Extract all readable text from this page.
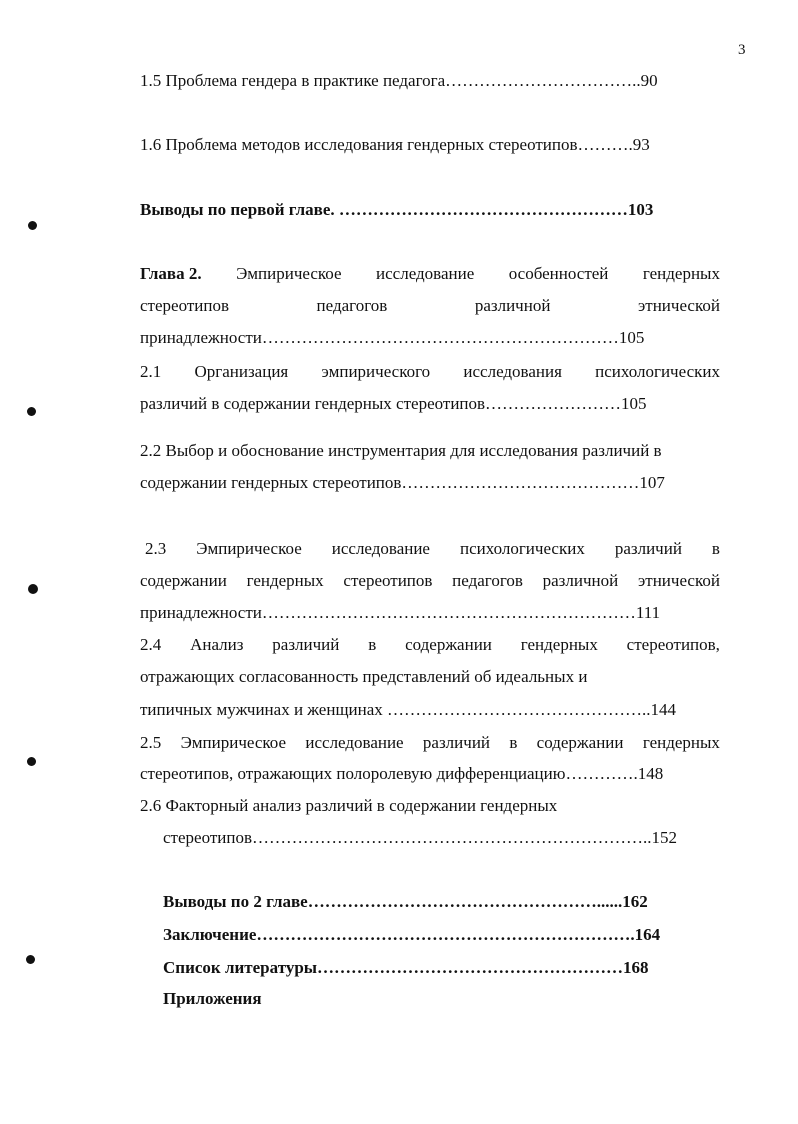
3
1.5 Проблема гендера в практике педагога……………………………..90
1.6 Проблема методов исследования гендерных стереотипов……….93
Выводы по первой главе. ……………………………………………103
Глава 2. Эмпирическое исследование особенностей гендерных
стереотипов	педагогов	различной	этнической
принадлежности………………………………………………………105
2.1 Организация эмпирического исследования психологических
различий в содержании гендерных стереотипов……………………105
2.2 Выбор и обоснование инструментария для исследования различий в
содержании гендерных стереотипов……………………………………107
2.3 Эмпирическое исследование психологических различий в
содержании гендерных стереотипов педагогов различной этнической
принадлежности…………………………………………………………111
2.4 Анализ различий в содержании гендерных стереотипов,
отражающих согласованность представлений об идеальных и
типичных мужчинах и женщинах ………………………………………..144
2.5 Эмпирическое исследование различий в содержании гендерных
стереотипов, отражающих полоролевую дифференциацию………….148
2.6 Факторный анализ различий в содержании гендерных
стереотипов……………………………………………………………..152
Выводы по 2 главе……………………………………………......162
Заключение………………………………………………………….164
Список литературы………………………………………………168
Приложения
